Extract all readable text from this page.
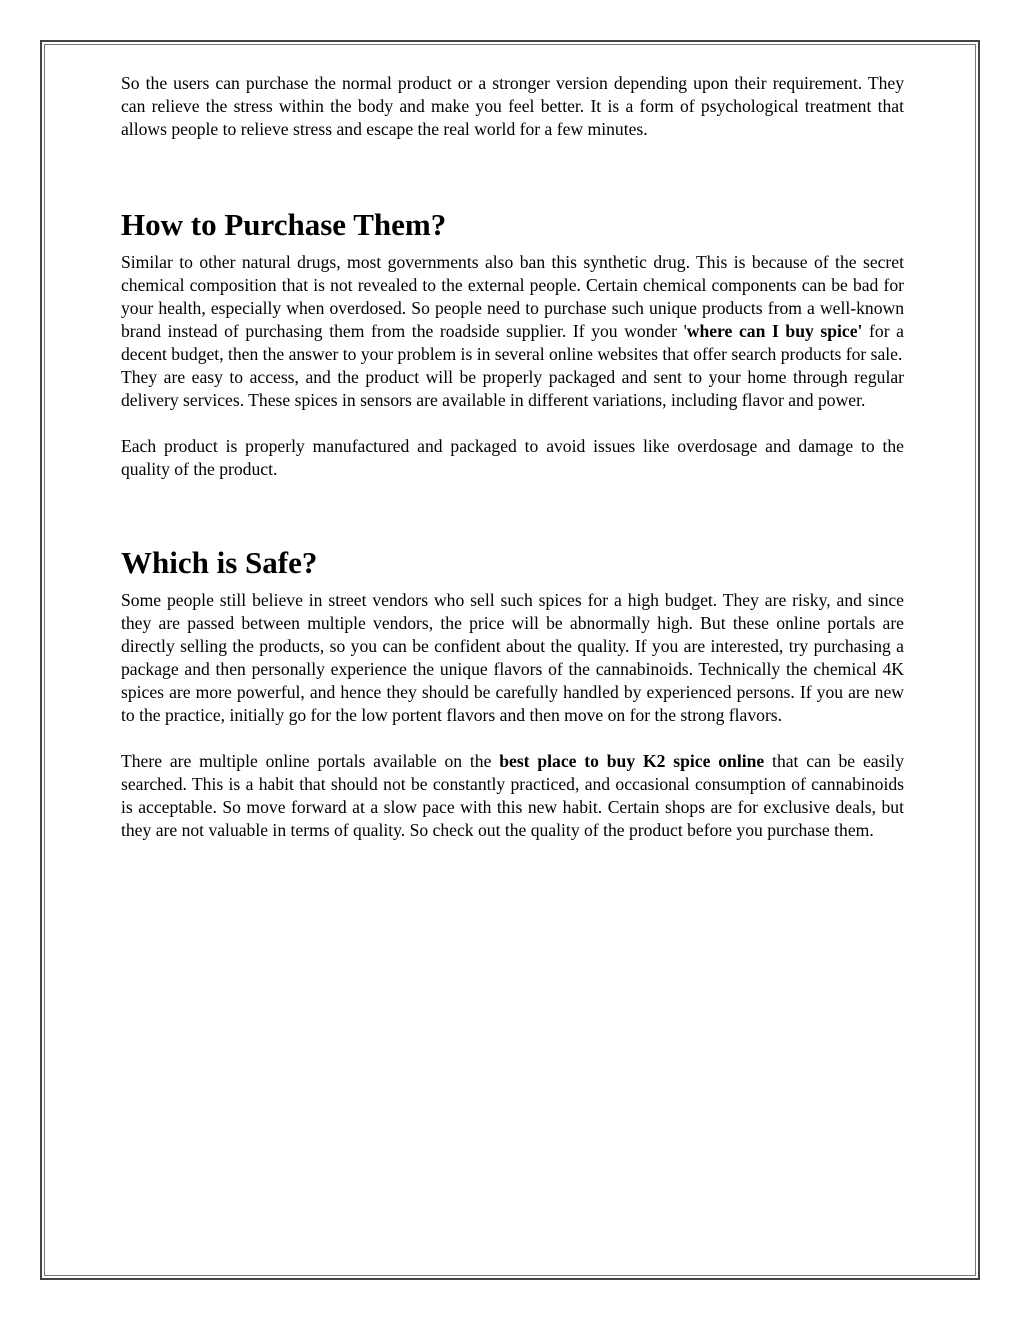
So the users can purchase the normal product or a stronger version depending upon their requirement. They can relieve the stress within the body and make you feel better. It is a form of psychological treatment that allows people to relieve stress and escape the real world for a few minutes.

How to Purchase Them?

Similar to other natural drugs, most governments also ban this synthetic drug. This is because of the secret chemical composition that is not revealed to the external people. Certain chemical components can be bad for your health, especially when overdosed. So people need to purchase such unique products from a well-known brand instead of purchasing them from the roadside supplier. If you wonder 'where can I buy spice' for a decent budget, then the answer to your problem is in several online websites that offer search products for sale.

They are easy to access, and the product will be properly packaged and sent to your home through regular delivery services. These spices in sensors are available in different variations, including flavor and power.

Each product is properly manufactured and packaged to avoid issues like overdosage and damage to the quality of the product.

Which is Safe?

Some people still believe in street vendors who sell such spices for a high budget. They are risky, and since they are passed between multiple vendors, the price will be abnormally high. But these online portals are directly selling the products, so you can be confident about the quality. If you are interested, try purchasing a package and then personally experience the unique flavors of the cannabinoids. Technically the chemical 4K spices are more powerful, and hence they should be carefully handled by experienced persons. If you are new to the practice, initially go for the low portent flavors and then move on for the strong flavors.

There are multiple online portals available on the best place to buy K2 spice online that can be easily searched. This is a habit that should not be constantly practiced, and occasional consumption of cannabinoids is acceptable. So move forward at a slow pace with this new habit. Certain shops are for exclusive deals, but they are not valuable in terms of quality. So check out the quality of the product before you purchase them.
